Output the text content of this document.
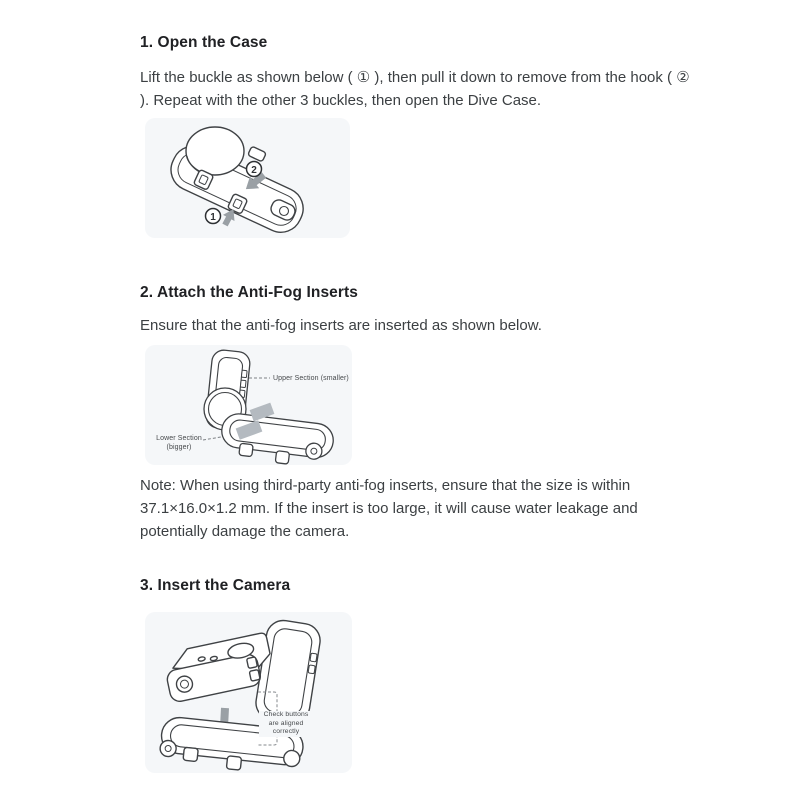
1. Open the Case
Lift the buckle as shown below ( ① ), then pull it down to remove from the hook ( ②
). Repeat with the other 3 buckles, then open the Dive Case.
2
1
2. Attach the Anti-Fog Inserts
Ensure that the anti-fog inserts are inserted as shown below.
Upper Section (smaller)
Lower Section (bigger)
Note: When using third-party anti-fog inserts, ensure that the size is within
37.1×16.0×1.2 mm. If the insert is too large, it will cause water leakage and
potentially damage the camera.
3. Insert the Camera
Check buttons are aligned correctly
